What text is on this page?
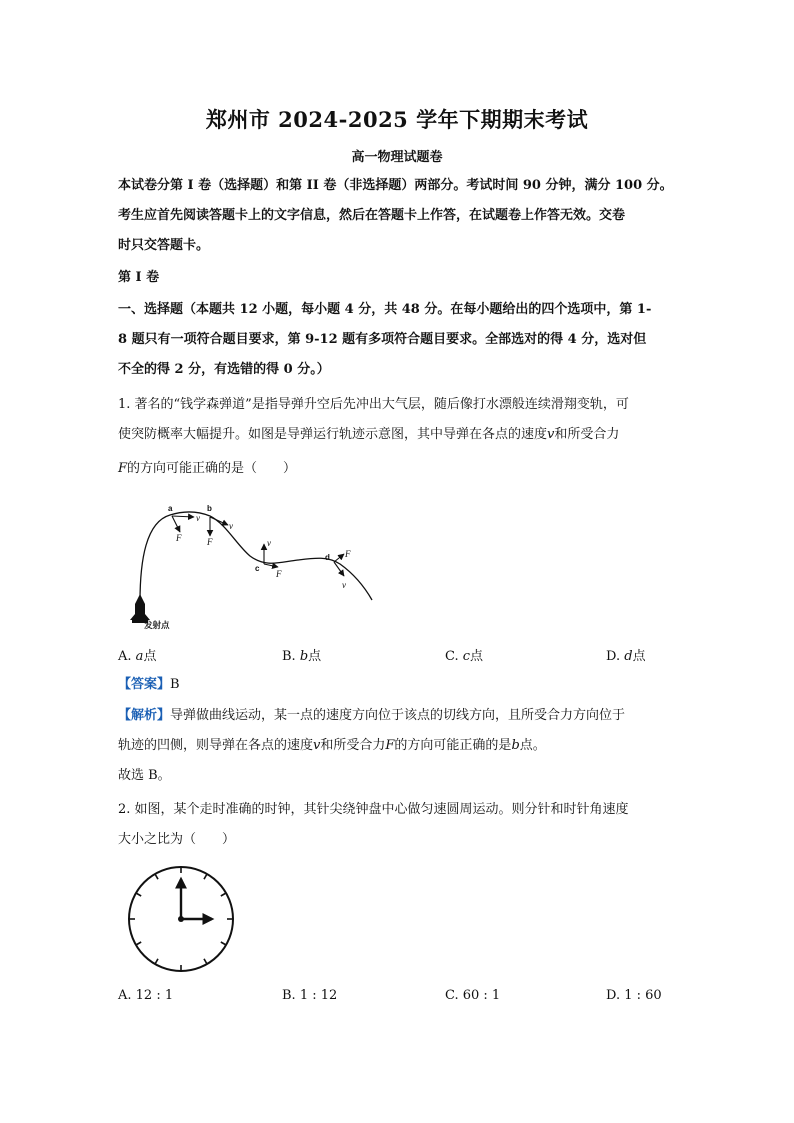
郑州市 2024-2025 学年下期期末考试
高一物理试题卷
本试卷分第 I 卷（选择题）和第 II 卷（非选择题）两部分。考试时间 90 分钟，满分 100 分。
考生应首先阅读答题卡上的文字信息，然后在答题卡上作答，在试题卷上作答无效。交卷
时只交答题卡。
第 I 卷
一、选择题（本题共 12 小题，每小题 4 分，共 48 分。在每小题给出的四个选项中，第 1-
8 题只有一项符合题目要求，第 9-12 题有多项符合题目要求。全部选对的得 4 分，选对但
不全的得 2 分，有选错的得 0 分。）
1. 著名的“钱学森弹道”是指导弹升空后先冲出大气层，随后像打水漂般连续滑翔变轨，可
使突防概率大幅提升。如图是导弹运行轨迹示意图，其中导弹在各点的速度v和所受合力
F的方向可能正确的是（　　）
a	b
c
d
发射点
v
F
v
F	v
F
F
v
A. a点	B. b点	C. c点	D. d点
【答案】B
【解析】导弹做曲线运动，某一点的速度方向位于该点的切线方向，且所受合力方向位于
轨迹的凹侧，则导弹在各点的速度v和所受合力F的方向可能正确的是b点。
故选 B。
2. 如图，某个走时准确的时钟，其针尖绕钟盘中心做匀速圆周运动。则分针和时针角速度
大小之比为（　　）
A. 12 : 1	B. 1 : 12	C. 60 : 1	D. 1 : 60
